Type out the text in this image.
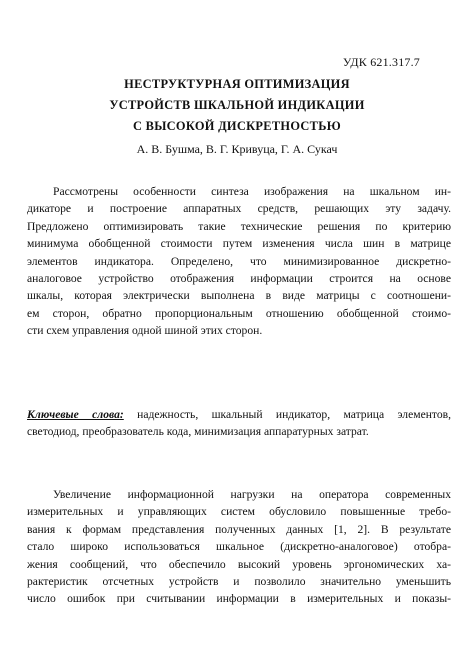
УДК 621.317.7
НЕСТРУКТУРНАЯ ОПТИМИЗАЦИЯ
УСТРОЙСТВ ШКАЛЬНОЙ ИНДИКАЦИИ
С ВЫСОКОЙ ДИСКРЕТНОСТЬЮ
А. В. Бушма, В. Г. Кривуца, Г. А. Сукач
Рассмотрены особенности синтеза изображения на шкальном ин-
дикаторе и построение аппаратных средств, решающих эту задачу.
Предложено оптимизировать такие технические решения по критерию
минимума обобщенной стоимости путем изменения числа шин в матрице
элементов индикатора. Определено, что минимизированное дискретно-
аналоговое устройство отображения информации строится на основе
шкалы, которая электрически выполнена в виде матрицы с соотношени-
ем сторон, обратно пропорциональным отношению обобщенной стоимо-
сти схем управления одной шиной этих сторон.
Ключевые слова: надежность, шкальный индикатор, матрица элементов,
светодиод, преобразователь кода, минимизация аппаратурных затрат.
Увеличение информационной нагрузки на оператора современных
измерительных и управляющих систем обусловило повышенные требо-
вания к формам представления полученных данных [1, 2]. В результате
стало широко использоваться шкальное (дискретно-аналоговое) отобра-
жения сообщений, что обеспечило высокий уровень эргономических ха-
рактеристик отсчетных устройств и позволило значительно уменьшить
число ошибок при считывании информации в измерительных и показы-
